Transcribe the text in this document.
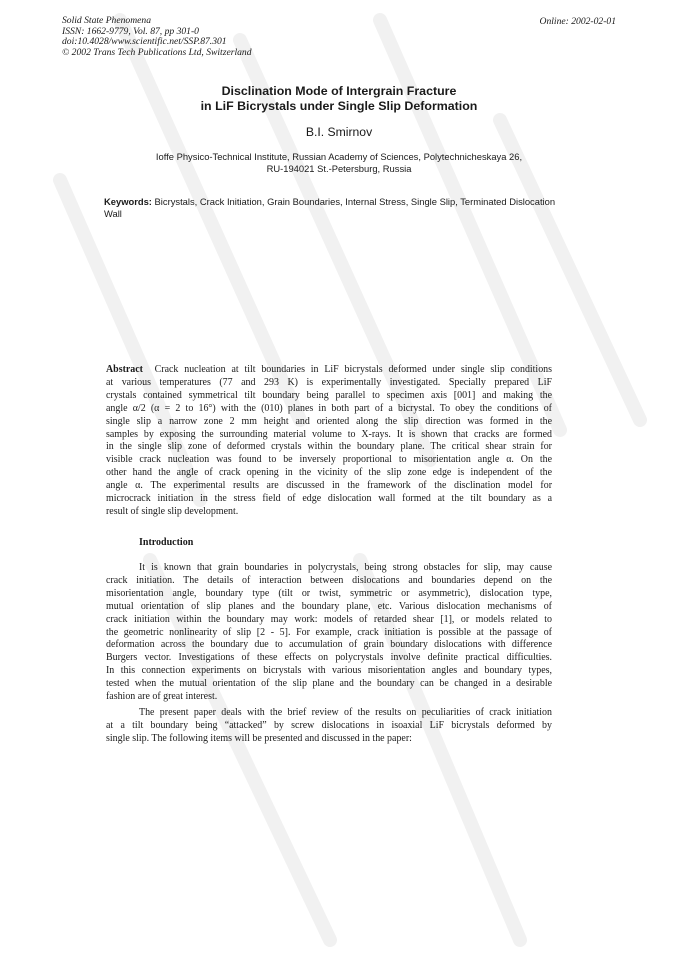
Solid State Phenomena
ISSN: 1662-9779, Vol. 87, pp 301-0
doi:10.4028/www.scientific.net/SSP.87.301
© 2002 Trans Tech Publications Ltd, Switzerland
Online: 2002-02-01
Disclination Mode of Intergrain Fracture
in LiF Bicrystals under Single Slip Deformation
B.I. Smirnov
Ioffe Physico-Technical Institute, Russian Academy of Sciences, Polytechnicheskaya 26,
RU-194021 St.-Petersburg, Russia
Keywords: Bicrystals, Crack Initiation, Grain Boundaries, Internal Stress, Single Slip, Terminated Dislocation Wall
Abstract Crack nucleation at tilt boundaries in LiF bicrystals deformed under single slip conditions
at various temperatures (77 and 293 K) is experimentally investigated. Specially prepared LiF
crystals contained symmetrical tilt boundary being parallel to specimen axis [001] and making the
angle α/2 (α = 2 to 16°) with the (010) planes in both part of a bicrystal. To obey the conditions of
single slip a narrow zone 2 mm height and oriented along the slip direction was formed in the
samples by exposing the surrounding material volume to X-rays. It is shown that cracks are formed
in the single slip zone of deformed crystals within the boundary plane. The critical shear strain for
visible crack nucleation was found to be inversely proportional to misorientation angle α. On the
other hand the angle of crack opening in the vicinity of the slip zone edge is independent of the
angle α. The experimental results are discussed in the framework of the disclination model for
microcrack initiation in the stress field of edge dislocation wall formed at the tilt boundary as a
result of single slip development.
Introduction
It is known that grain boundaries in polycrystals, being strong obstacles for slip, may cause
crack initiation. The details of interaction between dislocations and boundaries depend on the
misorientation angle, boundary type (tilt or twist, symmetric or asymmetric), dislocation type,
mutual orientation of slip planes and the boundary plane, etc. Various dislocation mechanisms of
crack initiation within the boundary may work: models of retarded shear [1], or models related to
the geometric nonlinearity of slip [2 - 5]. For example, crack initiation is possible at the passage of
deformation across the boundary due to accumulation of grain boundary dislocations with difference
Burgers vector. Investigations of these effects on polycrystals involve definite practical difficulties.
In this connection experiments on bicrystals with various misorientation angles and boundary types,
tested when the mutual orientation of the slip plane and the boundary can be changed in a desirable
fashion are of great interest.
The present paper deals with the brief review of the results on peculiarities of crack initiation
at a tilt boundary being “attacked” by screw dislocations in isoaxial LiF bicrystals deformed by
single slip. The following items will be presented and discussed in the paper:
